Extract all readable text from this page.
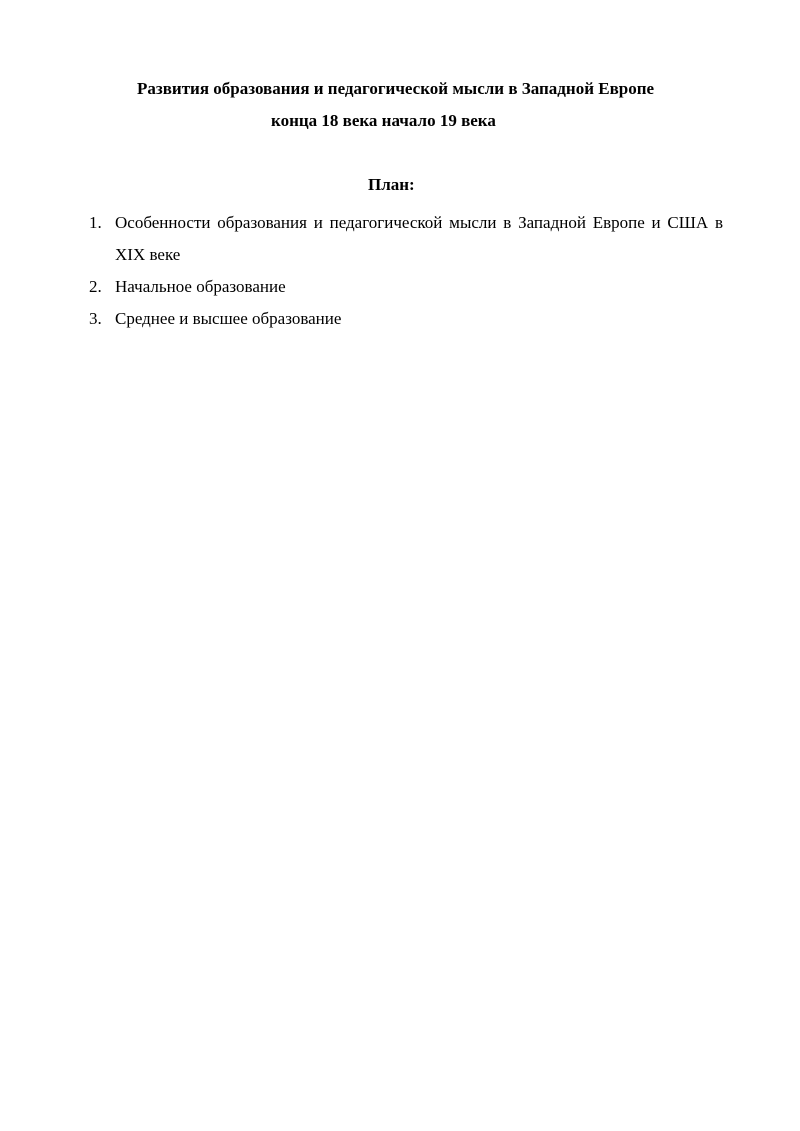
Развития образования и педагогической мысли в Западной Европе
конца 18 века начало 19 века
План:
1. Особенности образования и педагогической мысли в Западной Европе и США в XIX веке
2. Начальное образование
3. Среднее и высшее образование
